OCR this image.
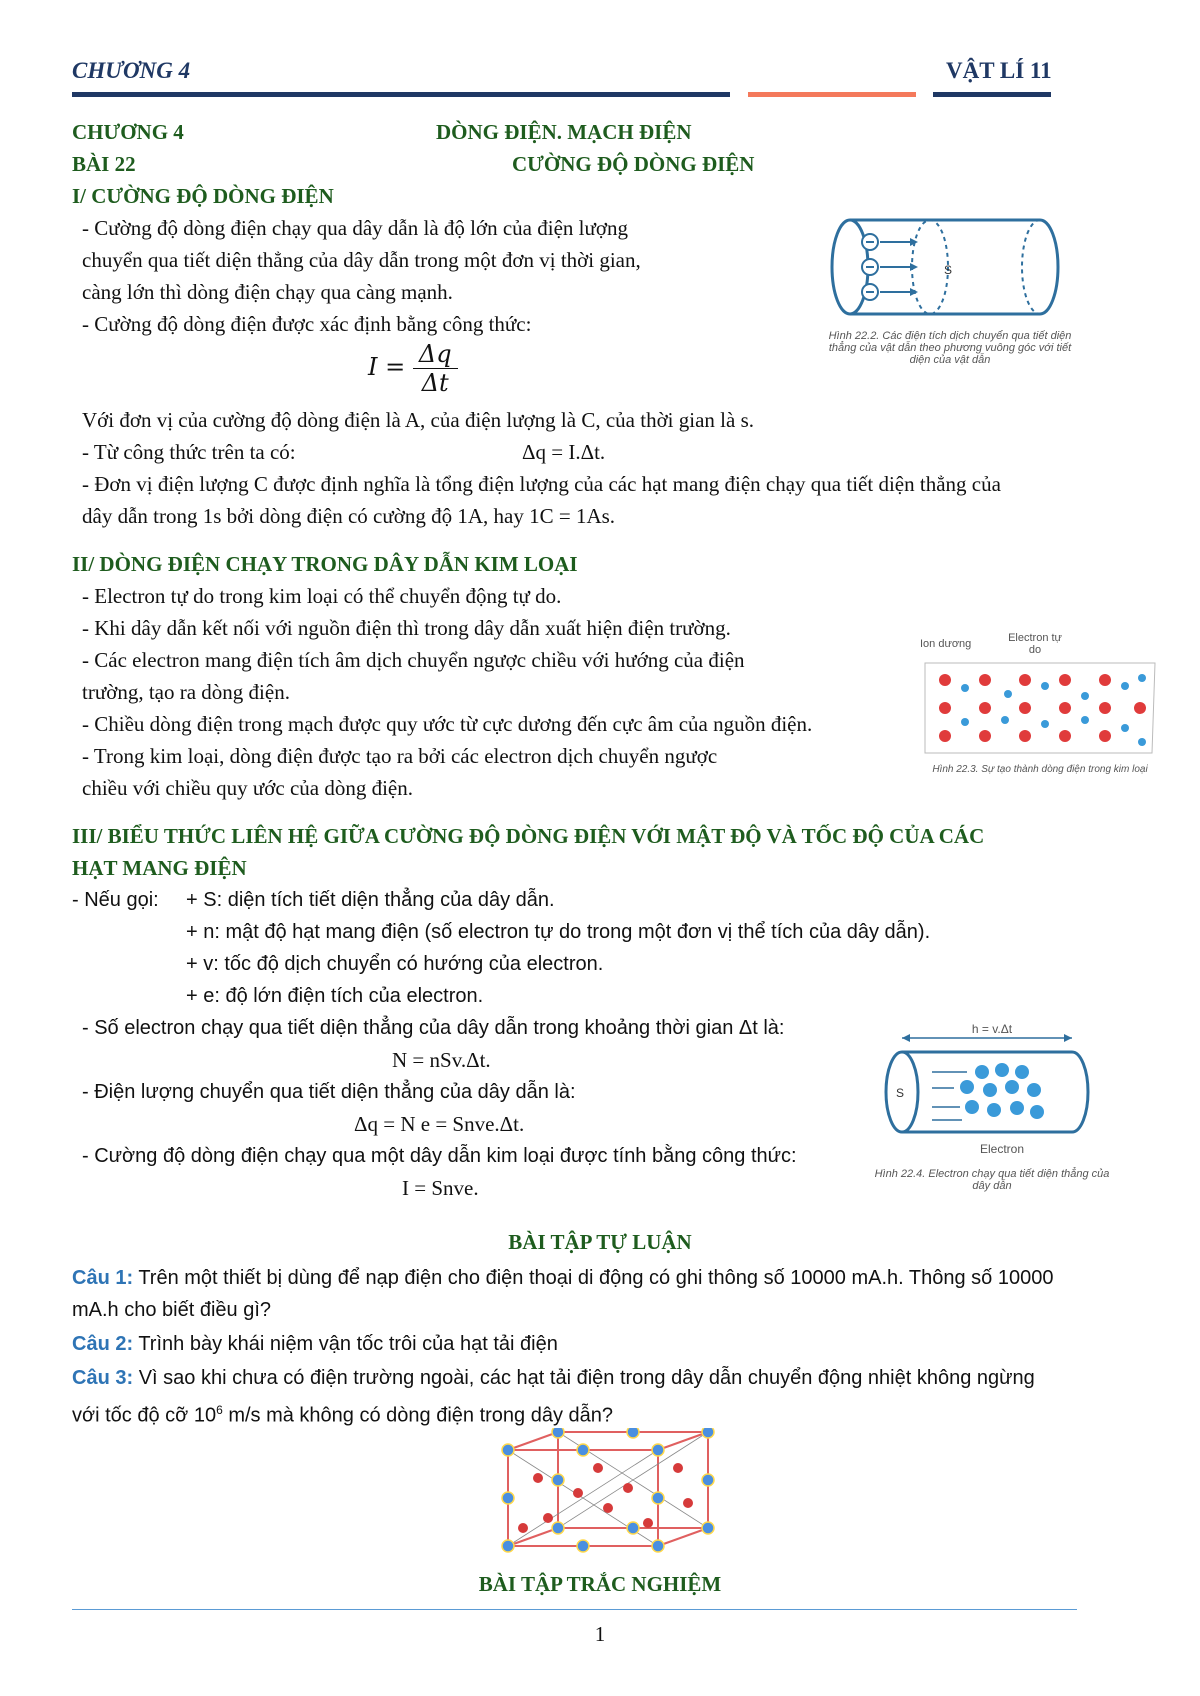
CHƯƠNG 4	VẬT LÍ 11
CHƯƠNG 4	DÒNG ĐIỆN. MẠCH ĐIỆN
BÀI 22	CƯỜNG ĐỘ DÒNG ĐIỆN
I/ CƯỜNG ĐỘ DÒNG ĐIỆN
- Cường độ dòng điện chạy qua dây dẫn là độ lớn của điện lượng
chuyển qua tiết diện thẳng của dây dẫn trong một đơn vị thời gian,
càng lớn thì dòng điện chạy qua càng mạnh.
- Cường độ dòng điện được xác định bằng công thức:
$I = \frac{\Delta q}{\Delta t}$
Với đơn vị của cường độ dòng điện là A, của điện lượng là C, của thời gian là s.
- Từ công thức trên ta có:	Δq = I.Δt.
- Đơn vị điện lượng C được định nghĩa là tổng điện lượng của các hạt mang điện chạy qua tiết diện thẳng của
dây dẫn trong 1s bởi dòng điện có cường độ 1A, hay 1C = 1As.
S
Hình 22.2. Các điện tích dịch chuyển qua tiết diện thẳng của vật dẫn theo phương vuông góc với tiết diện của vật dẫn
II/ DÒNG ĐIỆN CHẠY TRONG DÂY DẪN KIM LOẠI
- Electron tự do trong kim loại có thể chuyển động tự do.
- Khi dây dẫn kết nối với nguồn điện thì trong dây dẫn xuất hiện điện trường.
- Các electron mang điện tích âm dịch chuyển ngược chiều với hướng của điện
trường, tạo ra dòng điện.
- Chiều dòng điện trong mạch được quy ước từ cực dương đến cực âm của nguồn điện.
- Trong kim loại, dòng điện được tạo ra bởi các electron dịch chuyển ngược
chiều với chiều quy ước của dòng điện.
Ion dương	Electron tự do
Hình 22.3. Sự tạo thành dòng điện trong kim loại
III/ BIỂU THỨC LIÊN HỆ GIỮA CƯỜNG ĐỘ DÒNG ĐIỆN VỚI MẬT ĐỘ VÀ TỐC ĐỘ CỦA CÁC
HẠT MANG ĐIỆN
- Nếu gọi: + S: diện tích tiết diện thẳng của dây dẫn.
+ n: mật độ hạt mang điện (số electron tự do trong một đơn vị thể tích của dây dẫn).
+ v: tốc độ dịch chuyển có hướng của electron.
+ e: độ lớn điện tích của electron.
- Số electron chạy qua tiết diện thẳng của dây dẫn trong khoảng thời gian Δt là:
N = nSv.Δt.
- Điện lượng chuyển qua tiết diện thẳng của dây dẫn là:
Δq = N e = Snve.Δt.
- Cường độ dòng điện chạy qua một dây dẫn kim loại được tính bằng công thức:
I = Snve.
h = v.Δt
S
Electron
Hình 22.4. Electron chạy qua tiết diện thẳng của dây dẫn
BÀI TẬP TỰ LUẬN
Câu 1: Trên một thiết bị dùng để nạp điện cho điện thoại di động có ghi thông số 10000 mA.h. Thông số 10000
mA.h cho biết điều gì?
Câu 2: Trình bày khái niệm vận tốc trôi của hạt tải điện
Câu 3: Vì sao khi chưa có điện trường ngoài, các hạt tải điện trong dây dẫn chuyển động nhiệt không ngừng
với tốc độ cỡ $10^6$ m/s mà không có dòng điện trong dây dẫn?
BÀI TẬP TRẮC NGHIỆM
1
